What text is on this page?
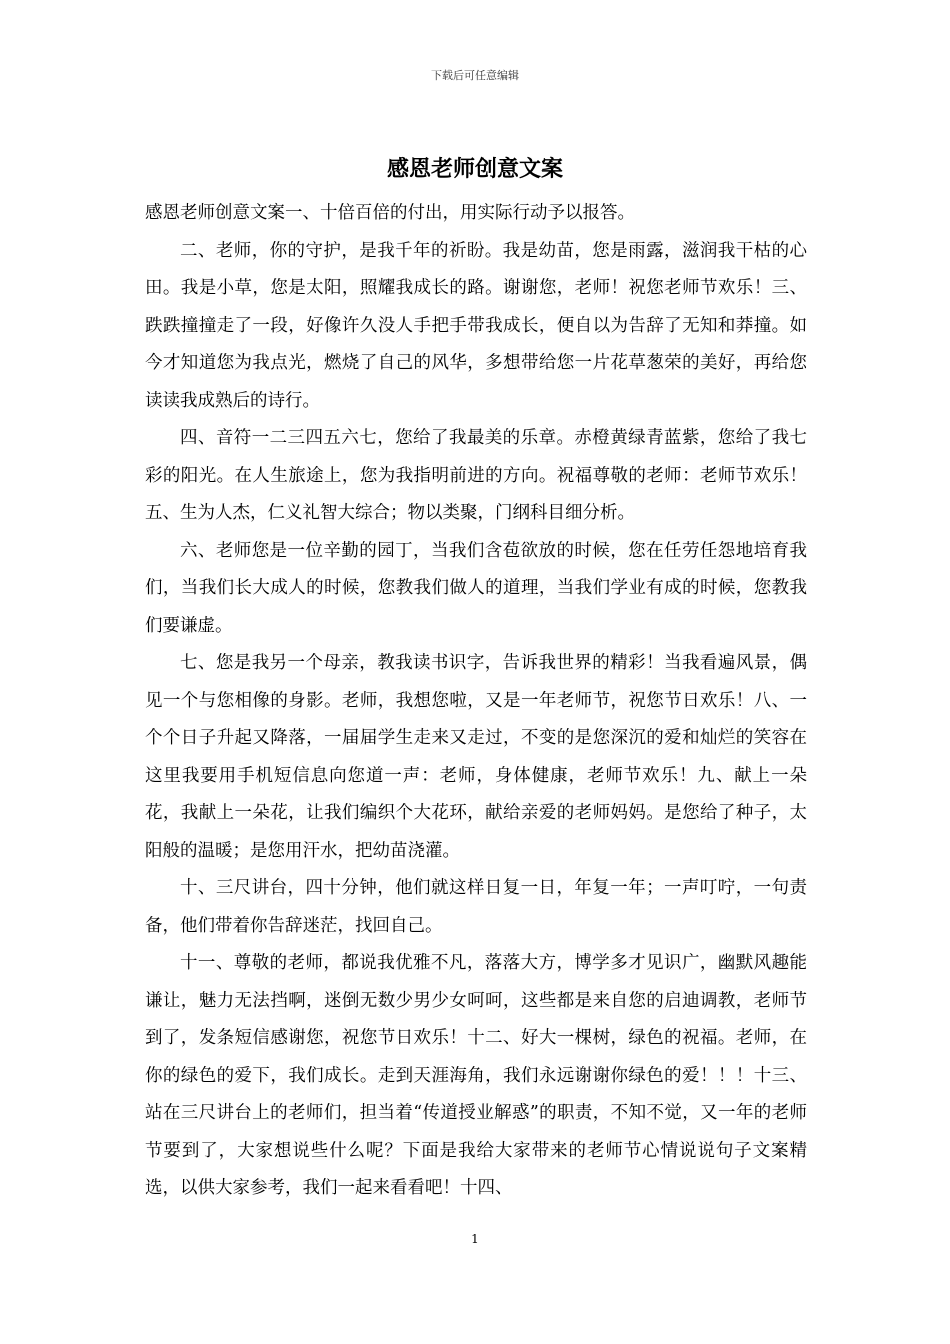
下载后可任意编辑
感恩老师创意文案

感恩老师创意文案一、十倍百倍的付出，用实际行动予以报答。

二、老师，你的守护，是我千年的祈盼。我是幼苗，您是雨露，滋润我干枯的心田。我是小草，您是太阳，照耀我成长的路。谢谢您，老师！祝您老师节欢乐！三、跌跌撞撞走了一段，好像许久没人手把手带我成长，便自以为告辞了无知和莽撞。如今才知道您为我点光，燃烧了自己的风华，多想带给您一片花草葱荣的美好，再给您读读我成熟后的诗行。

四、音符一二三四五六七，您给了我最美的乐章。赤橙黄绿青蓝紫，您给了我七彩的阳光。在人生旅途上，您为我指明前进的方向。祝福尊敬的老师：老师节欢乐！五、生为人杰，仁义礼智大综合；物以类聚，门纲科目细分析。

六、老师您是一位辛勤的园丁，当我们含苞欲放的时候，您在任劳任怨地培育我们，当我们长大成人的时候，您教我们做人的道理，当我们学业有成的时候，您教我们要谦虚。

七、您是我另一个母亲，教我读书识字，告诉我世界的精彩！当我看遍风景，偶见一个与您相像的身影。老师，我想您啦，又是一年老师节，祝您节日欢乐！八、一个个日子升起又降落，一届届学生走来又走过，不变的是您深沉的爱和灿烂的笑容在这里我要用手机短信息向您道一声：老师，身体健康，老师节欢乐！九、献上一朵花，我献上一朵花，让我们编织个大花环，献给亲爱的老师妈妈。是您给了种子，太阳般的温暖；是您用汗水，把幼苗浇灌。

十、三尺讲台，四十分钟，他们就这样日复一日，年复一年；一声叮咛，一句责备，他们带着你告辞迷茫，找回自己。

十一、尊敬的老师，都说我优雅不凡，落落大方，博学多才见识广，幽默风趣能谦让，魅力无法挡啊，迷倒无数少男少女呵呵，这些都是来自您的启迪调教，老师节到了，发条短信感谢您，祝您节日欢乐！十二、好大一棵树，绿色的祝福。老师，在你的绿色的爱下，我们成长。走到天涯海角，我们永远谢谢你绿色的爱！！！十三、站在三尺讲台上的老师们，担当着“传道授业解惑”的职责，不知不觉，又一年的老师节要到了，大家想说些什么呢？下面是我给大家带来的老师节心情说说句子文案精选，以供大家参考，我们一起来看看吧！十四、

1
